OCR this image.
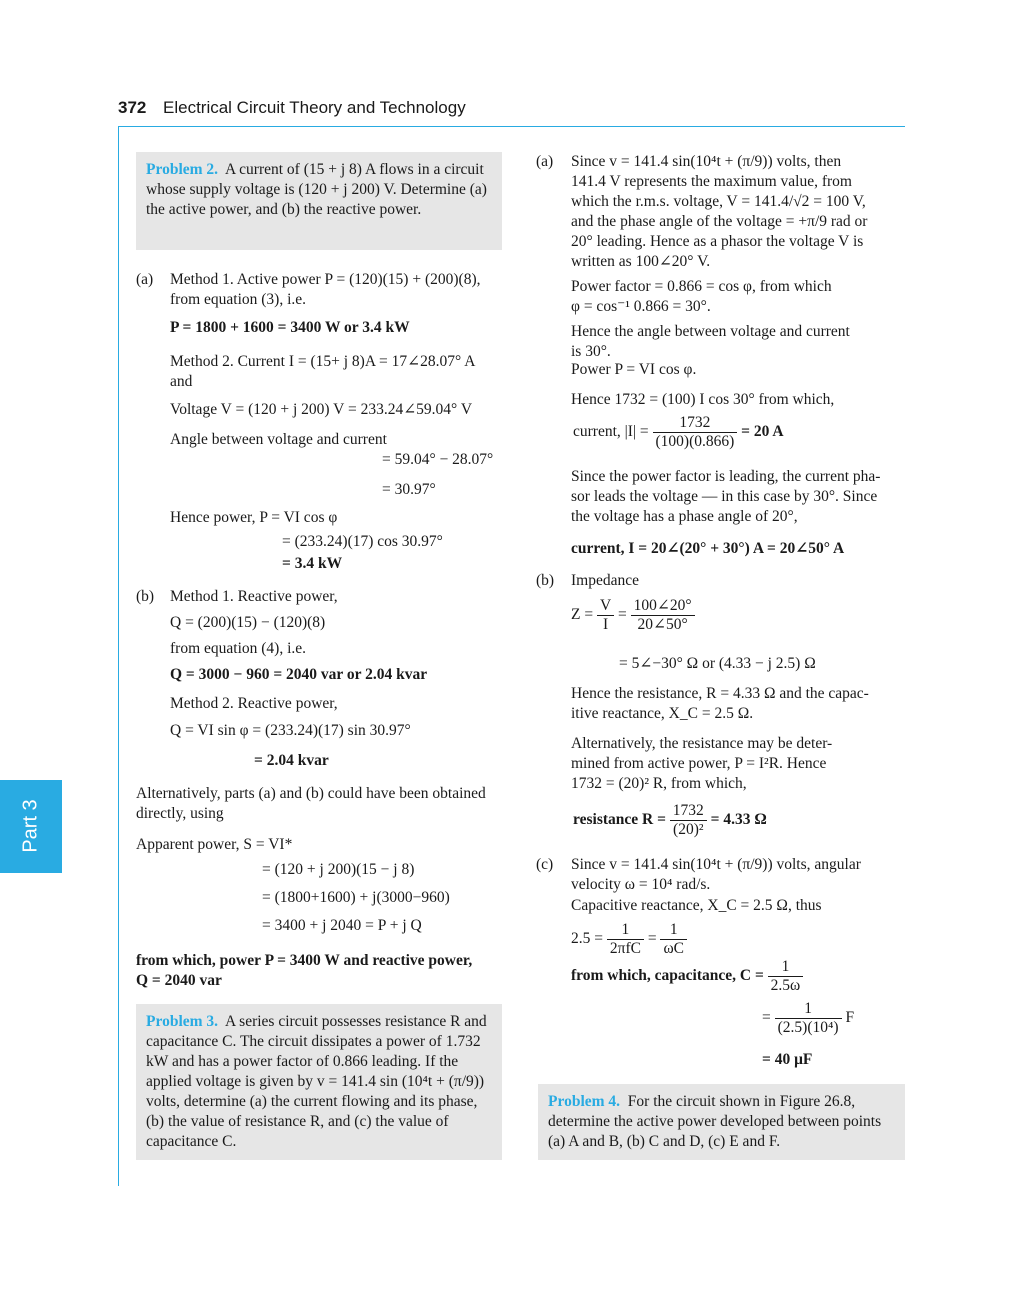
372 Electrical Circuit Theory and Technology
Part 3
Problem 2. A current of (15 + j 8) A flows in a circuit whose supply voltage is (120 + j 200) V. Determine (a) the active power, and (b) the reactive power.
(a) Method 1. Active power P = (120)(15) + (200)(8),
from equation (3), i.e.
P = 1800 + 1600 = 3400 W or 3.4 kW
Method 2. Current I = (15+ j 8)A = 17∠28.07° A
and
Voltage V = (120 + j 200) V = 233.24∠59.04° V
Angle between voltage and current
= 59.04° − 28.07°
= 30.97°
Hence power, P = VI cos φ
= (233.24)(17) cos 30.97°
= 3.4 kW
(b) Method 1. Reactive power,
Q = (200)(15) − (120)(8)
from equation (4), i.e.
Q = 3000 − 960 = 2040 var or 2.04 kvar
Method 2. Reactive power,
Q = VI sin φ = (233.24)(17) sin 30.97°
= 2.04 kvar
Alternatively, parts (a) and (b) could have been obtained
directly, using
Apparent power, S = VI*
= (120 + j 200)(15 − j 8)
= (1800+1600) + j(3000−960)
= 3400 + j 2040 = P + j Q
from which, power P = 3400 W and reactive power,
Q = 2040 var
Problem 3. A series circuit possesses resistance R and capacitance C. The circuit dissipates a power of 1.732 kW and has a power factor of 0.866 leading. If the applied voltage is given by v = 141.4 sin (10⁴t + (π/9)) volts, determine (a) the current flowing and its phase, (b) the value of resistance R, and (c) the value of capacitance C.
(a) Since v = 141.4 sin(10⁴t + (π/9)) volts, then
141.4 V represents the maximum value, from
which the r.m.s. voltage, V = 141.4/√2 = 100 V,
and the phase angle of the voltage = +π/9 rad or
20° leading. Hence as a phasor the voltage V is
written as 100∠20° V.
Power factor = 0.866 = cos φ, from which
φ = cos⁻¹ 0.866 = 30°.
Hence the angle between voltage and current
is 30°.
Power P = VI cos φ.
Hence 1732 = (100) I cos 30° from which,
current, $|I| = \frac{1732}{(100)(0.866)} = 20$ A
Since the power factor is leading, the current pha-
sor leads the voltage — in this case by 30°. Since
the voltage has a phase angle of 20°,
current, I = 20∠(20° + 30°) A = 20∠50° A
(b) Impedance
$Z = \frac{V}{I} = \frac{100\angle 20^\circ}{20\angle 50^\circ}$
= 5∠−30° Ω or (4.33 − j 2.5) Ω
Hence the resistance, R = 4.33 Ω and the capac-
itive reactance, X_C = 2.5 Ω.
Alternatively, the resistance may be deter-
mined from active power, P = I²R. Hence
1732 = (20)² R, from which,
resistance $R = \frac{1732}{\text{(20)²}} = 4.33$ Ω
(c) Since v = 141.4 sin(10⁴t + (π/9)) volts, angular
velocity ω = 10⁴ rad/s.
Capacitive reactance, X_C = 2.5 Ω, thus
$2.5 = \frac{1}{\text{2πfC}} = \frac{1}{\omega C}$
from which, capacitance, $C = \frac{1}{2.5\omega}$
= $\frac{1}{\text{(2.5)(10⁴)}}$ F
= 40 μF
Problem 4. For the circuit shown in Figure 26.8, determine the active power developed between points (a) A and B, (b) C and D, (c) E and F.
